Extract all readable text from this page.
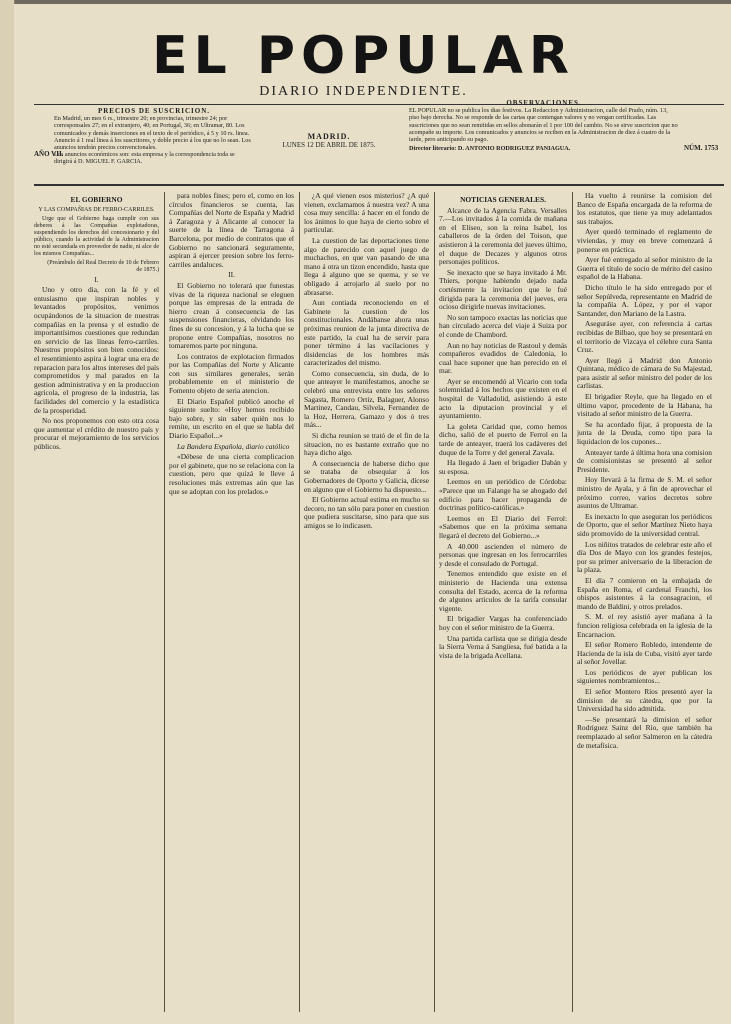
EL POPULAR
DIARIO INDEPENDIENTE.
PRECIOS DE SUSCRICION.
En Madrid, un mes 6 rs., trimestre 20; en provincias, trimestre 24; por corresponsales 27; en el extranjero, 40; en Portugal, 36; en Ultramar, 80. Los comunicados y demás inserciones en el texto de el periódico, á 5 y 10 rs. linea. Anuncio á 1 real linea á los suscritores, y doble precio á los que no lo sean. Los anuncios tendrán precios convencionales.
Los anuncios económicos son: esta empresa y la correspondencia toda se dirigirá á D. MIGUEL F. GARCIA.
AÑO VII.
MADRID.
LUNES 12 DE ABRIL DE 1875.
OBSERVACIONES.
EL POPULAR no se publica los dias festivos. La Redaccion y Administracion, calle del Prado, núm. 13, piso bajo derecha. No se responde de las cartas que contengan valores y no vengan certificadas. Las suscriciones que no sean remitidas en sellos abonarán el 1 por 100 del cambio. No se sirve suscricion que no acompañe su importe. Los comunicados y anuncios se reciben en la Administracion de diez á cuatro de la tarde, pero anticipando su pago.
Director literario: D. ANTONIO RODRIGUEZ PANIAGUA.	NÚM. 1753

EL GOBIERNO

Y LAS COMPAÑIAS DE FERRO-CARRILES.

Urge que el Gobierno haga cumplir con sus deberes á las Compañías explotadoras, suspendiendo los derechos del concesionario y del público, cuando la actividad de la Administracion no esté secundada en proveedor de nadie, ni alce de los mismos Compañías...

(Preámbulo del Real Decreto de 10 de Febrero de 1875.)

I.

Uno y otro dia, con la fé y el entusiasmo que inspiran nobles y levantados propósitos, venimos ocupándonos de la situacion de nuestras compañías en la prensa y el estudio de importantísimos cuestiones que redundan en servicio de las líneas ferro-carriles. Nuestros propósitos son bien conocidos: el resentimiento aspira á lograr una era de reparacion para los altos intereses del país comprometidos y mal parados en la gestion administrativa y en la produccion agrícola, el progreso de la industria, las facilidades del comercio y la estadística de la prosperidad.

No nos proponemos con esto otra cosa que aumentar el crédito de nuestro país y procurar el mejoramiento de los servicios públicos.

para nobles fines; pero el, como en los círculos financieros se cuenta, las Compañías del Norte de España y Madrid á Zaragoza y á Alicante al conocer la suerte de la línea de Tarragona á Barcelona, por medio de contratos que el Gobierno no sancionará seguramente, aspiran á ejercer presion sobre los ferro-carriles andaluces.

II.

El Gobierno no tolerará que funestas vivas de la riqueza nacional se eleguen porque las empresas de la entrada de hierro crean á consecuencia de las suspensiones financieras, olvidando los fines de su concesion, y á la lucha que se propone entre Compañías, nosotros no tomaremos parte por ninguna.

Los contratos de explotacion firmados por las Compañías del Norte y Alicante con sus similares generales, serán probablemente en el ministerio de Fomento objeto de seria atencion.

El Diario Español publicó anoche el siguiente suelto: «Hoy hemos recibido bajo sobre, y sin saber quién nos lo remite, un escrito en el que se habla del Diario Español...»

La Bandera Española, diario católico

«Débese de una cierta complicacion por el gabinete, que no se relaciona con la cuestion, pero que quizá le lleve á resoluciones más extremas aún que las que se adoptan con los prelados.»

¿A qué vienen esos misterios? ¿A qué vienen, exclamamos á nuestra vez? A una cosa muy sencilla: á hacer en el fondo de los ánimos lo que haya de cierto sobre el particular.

La cuestion de las deportaciones tiene algo de parecido con aquel juego de muchachos, en que van pasando de una mano á otra un tizon encendido, hasta que llega á alguno que se quema, y se ve obligado á arrojarlo al suelo por no abrasarse.

Aun contiada reconociendo en el Gabinete la cuestion de los constitucionales. Andábanse ahora unas próximas reunion de la junta directiva de este partido, la cual ha de servir para poner término á las vacilaciones y disidencias de los hombres más caracterizados del mismo.

Como consecuencia, sin duda, de lo que anteayer le manifestamos, anoche se celebró una entrevista entre los señores Sagasta, Romero Ortiz, Balaguer, Alonso Martinez, Candau, Silvela, Fernandez de la Hoz, Herrera, Gamazo y dos ó tres más...

Si dicha reunion se trató de el fin de la situacion, no es bastante extraño que no haya dicho algo.

A consecuencia de haberse dicho que se trataba de obsequiar á los Gobernadores de Oporto y Galicia, dícese en alguno que el Gobierno ha dispuesto...

El Gobierno actual estima en mucho su decoro, no tan sólo para poner en cuestion que pudiera suscitarse, sino para que sus amigos se lo indicasen.

NOTICIAS GENERALES.

Alcance de la Agencia Fabra. Versalles 7.—Los invitados á la comida de mañana en el Elíseo, son la reina Isabel, los caballeros de la órden del Toison, que asistieron á la ceremonia del jueves último, el duque de Decazes y algunos otros personajes políticos.

Se inexacto que se haya invitado á Mr. Thiers, porque habiendo dejado nada cortésmente la invitacion que le fué dirigida para la ceremonia del jueves, era ocioso dirigirle nuevas invitaciones.

No son tampoco exactas las noticias que han circulado acerca del viaje á Suiza por el conde de Chambord.

Aun no hay noticias de Rastoul y demás compañeros evadidos de Caledonia, lo cual hace suponer que han perecido en el mar.

Ayer se encomendó al Vicario con toda solemnidad á los hechos que existen en el hospital de Valladolid, asistiendo á este acto la diputacion provincial y el ayuntamiento.

La goleta Caridad que, como hemos dicho, salió de el puerto de Ferrol en la tarde de anteayer, traerá los cadáveres del duque de la Torre y del general Zavala.

Ha llegado á Jaen el brigadier Dabán y su esposa.

Leemos en un periódico de Córdoba: «Parece que un Falange ha se ahogado del edificio para hacer propaganda de doctrinas político-católicas.»

Leemos en El Diario del Ferrol: «Sabemos que en la próxima semana llegará el decreto del Gobierno...»

A 40.000 ascienden el número de personas que ingresan en los ferrocarriles y desde el consulado de Portugal.

Tenemos entendido que existe en el ministerio de Hacienda una extensa consulta del Estado, acerca de la reforma de algunos artículos de la tarifa consular vigente.

El brigadier Vargas ha conferenciado hoy con el señor ministro de la Guerra.

Una partida carlista que se dirigia desde la Sierra Verna á Sangüesa, fué batida a la vista de la brigada Acellana.

Ha vuelto á reunirse la comision del Banco de España encargada de la reforma de los estatutos, que tiene ya muy adelantados sus trabajos.

Ayer quedó terminado el reglamento de viviendas, y muy en breve comenzará á ponerse en práctica.

Ayer fué entregado al señor ministro de la Guerra el título de socio de mérito del casino español de la Habana.

Dicho título le ha sido entregado por el señor Sepúlveda, representante en Madrid de la compañía A. López, y por el vapor Santander, don Mariano de la Lastra.

Aseguráse ayer, con referencia á cartas recibidas de Bilbao, que hoy se presentará en el territorio de Vizcaya el célebre cura Santa Cruz.

Ayer llegó á Madrid don Antonio Quintana, médico de cámara de Su Majestad, para asistir al señor ministro del poder de los carlistas.

El brigadier Reyle, que ha llegado en el último vapor, procedente de la Habana, ha visitado al señor ministro de la Guerra.

Se ha acordado fijar, á propuesta de la junta de la Deuda, como tipo para la liquidacion de los cupones...

Anteayer tarde á última hora una comision de comisionistas se presentó al señor Presidente.

Hoy llevará á la firma de S. M. el señor ministro de Ayala, y á fin de aprovechar el próximo correo, varios decretos sobre asuntos de Ultramar.

Es inexacto lo que aseguran los periódicos de Oporto, que el señor Martínez Nieto haya sido promovido de la universidad central.

Los niñitos tratados de celebrar este año el día Dos de Mayo con los grandes festejos, por su primer aniversario de la liberacion de la plaza.

El día 7 comieron en la embajada de España en Roma, el cardenal Franchi, los obispos asistentes á la consagracion, el mando de Baldini, y otros prelados.

S. M. el rey asistió ayer mañana á la funcion religiosa celebrada en la iglesia de la Encarnacion.

El señor Romero Robledo, intendente de Hacienda de la isla de Cuba, visitó ayer tarde al señor Jovellar.

Los periódicos de ayer publican los siguientes nombramientos...

El señor Montero Ríos presentó ayer la dimision de su cátedra, que por la Universidad ha sido admitida.

—Se presentará la dimision el señor Rodriguez Sainz del Río, que también ha reemplazado al señor Salmeron en la cátedra de metafísica.
